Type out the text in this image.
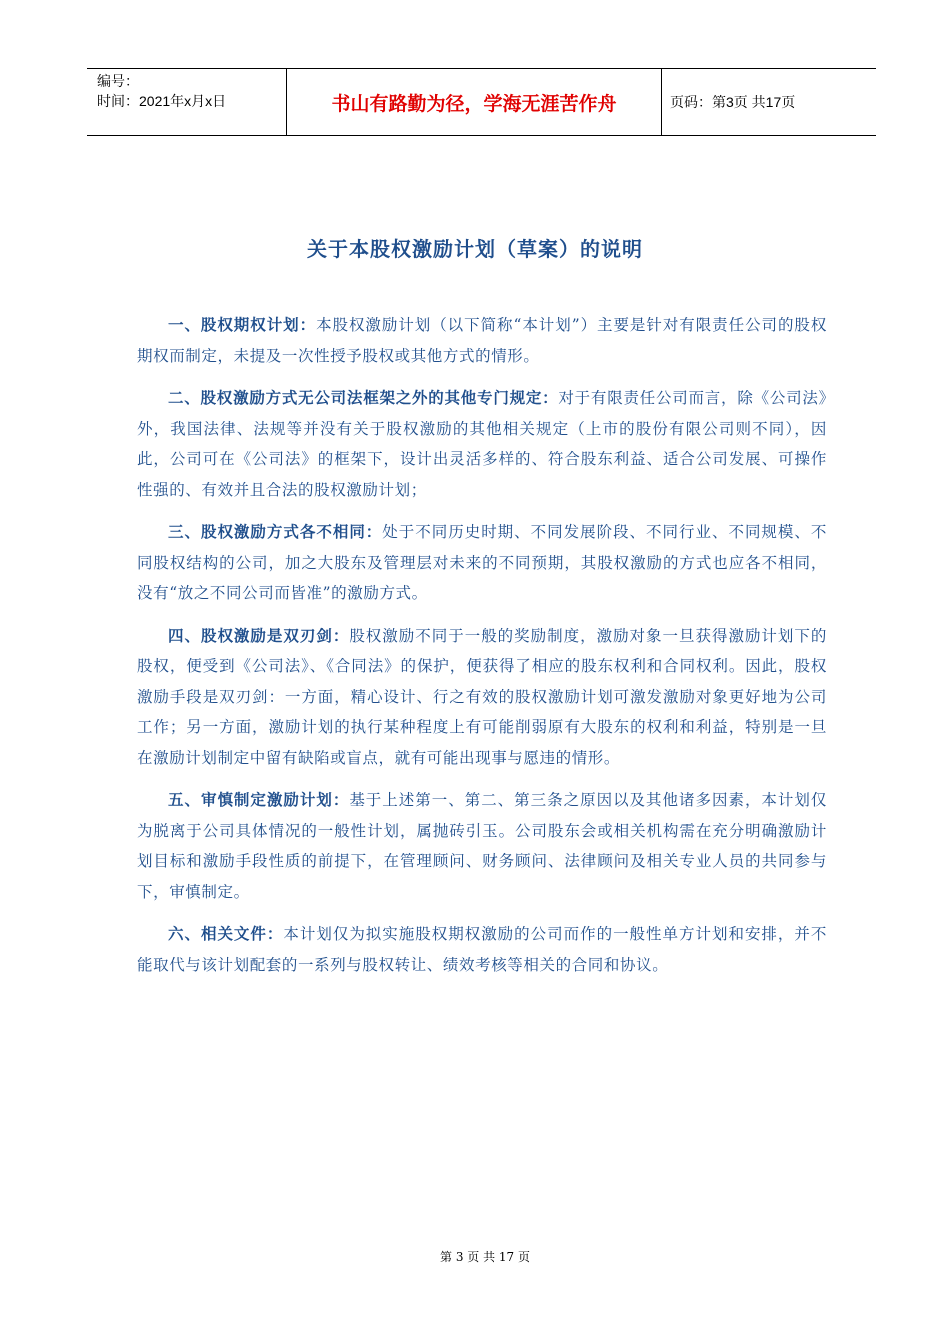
编号：
时间：2021年x月x日	书山有路勤为径，学海无涯苦作舟	页码：第3页 共17页
关于本股权激励计划（草案）的说明

一、股权期权计划：本股权激励计划（以下简称“本计划”）主要是针对有限责任公司的股权期权而制定，未提及一次性授予股权或其他方式的情形。

二、股权激励方式无公司法框架之外的其他专门规定：对于有限责任公司而言，除《公司法》外，我国法律、法规等并没有关于股权激励的其他相关规定（上市的股份有限公司则不同），因此，公司可在《公司法》的框架下，设计出灵活多样的、符合股东利益、适合公司发展、可操作性强的、有效并且合法的股权激励计划；

三、股权激励方式各不相同：处于不同历史时期、不同发展阶段、不同行业、不同规模、不同股权结构的公司，加之大股东及管理层对未来的不同预期，其股权激励的方式也应各不相同，没有“放之不同公司而皆准”的激励方式。

四、股权激励是双刃剑：股权激励不同于一般的奖励制度，激励对象一旦获得激励计划下的股权，便受到《公司法》、《合同法》的保护，便获得了相应的股东权利和合同权利。因此，股权激励手段是双刃剑：一方面，精心设计、行之有效的股权激励计划可激发激励对象更好地为公司工作；另一方面，激励计划的执行某种程度上有可能削弱原有大股东的权利和利益，特别是一旦在激励计划制定中留有缺陷或盲点，就有可能出现事与愿违的情形。

五、审慎制定激励计划：基于上述第一、第二、第三条之原因以及其他诸多因素，本计划仅为脱离于公司具体情况的一般性计划，属抛砖引玉。公司股东会或相关机构需在充分明确激励计划目标和激励手段性质的前提下，在管理顾问、财务顾问、法律顾问及相关专业人员的共同参与下，审慎制定。

六、相关文件：本计划仅为拟实施股权期权激励的公司而作的一般性单方计划和安排，并不能取代与该计划配套的一系列与股权转让、绩效考核等相关的合同和协议。

第 3 页 共 17 页
